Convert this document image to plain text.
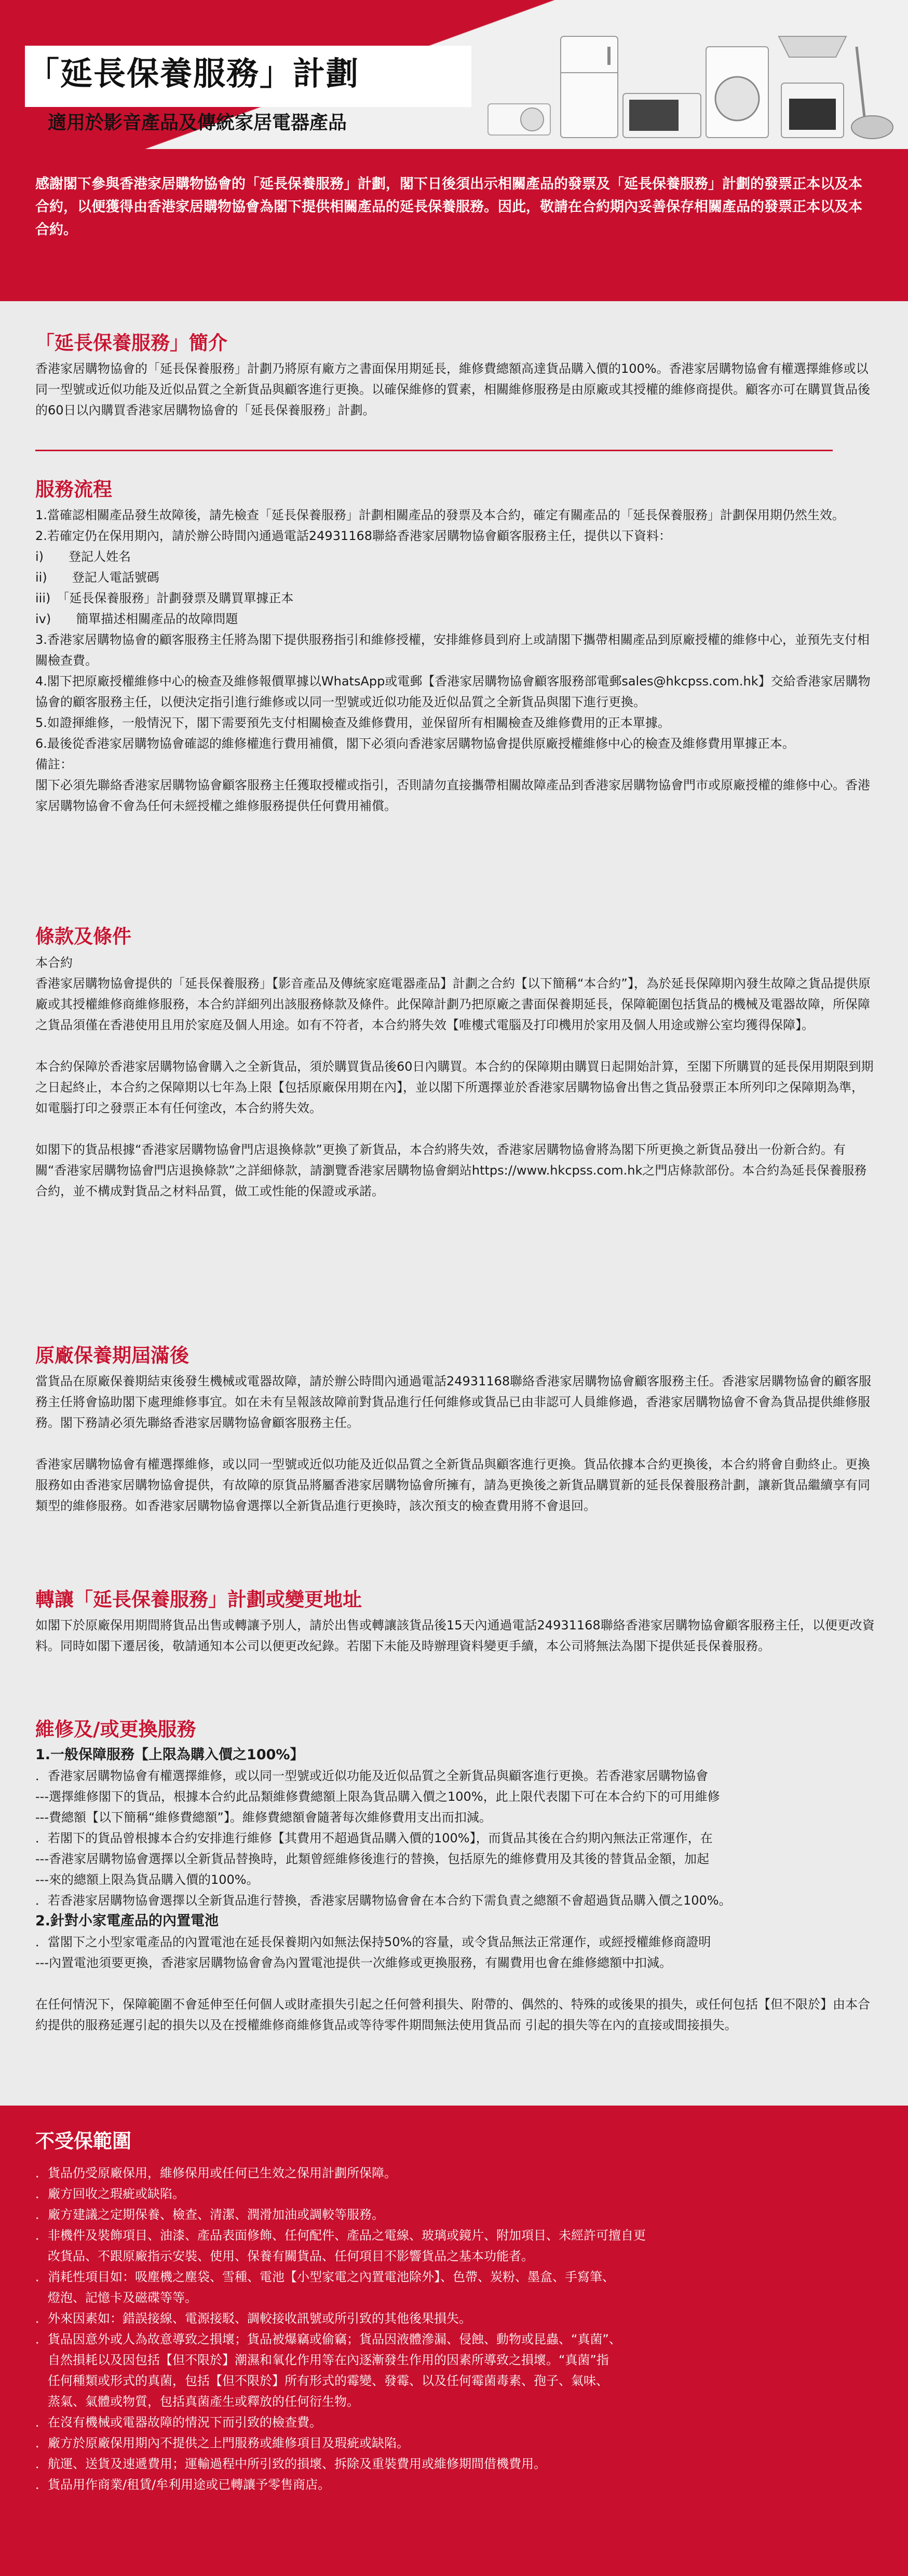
「延長保養服務」計劃
適用於影音產品及傳統家居電器產品

感謝閣下參與香港家居購物協會的「延長保養服務」計劃，閣下日後須出示相關產品的發票及「延長保養服務」計劃的發票正本以及本合約，以便獲得由香港家居購物協會為閣下提供相關產品的延長保養服務。因此，敬請在合約期內妥善保存相關產品的發票正本以及本合約。

「延長保養服務」簡介
香港家居購物協會的「延長保養服務」計劃乃將原有廠方之書面保用期延長，維修費總額高達貨品購入價的100%。香港家居購物協會有權選擇維修或以同一型號或近似功能及近似品質之全新貨品與顧客進行更換。以確保維修的質素，相關維修服務是由原廠或其授權的維修商提供。顧客亦可在購買貨品後的60日以內購買香港家居購物協會的「延長保養服務」計劃。
服務流程

1.當確認相關產品發生故障後，請先檢查「延長保養服務」計劃相關產品的發票及本合約，確定有關產品的「延長保養服務」計劃保用期仍然生效。

2.若確定仍在保用期內，請於辦公時間內通過電話24931168聯絡香港家居購物協會顧客服務主任，提供以下資料：

i)　　登記人姓名

ii)　　登記人電話號碼

iii)　「延長保養服務」計劃發票及購買單據正本

iv)　　簡單描述相關產品的故障問題

3.香港家居購物協會的顧客服務主任將為閣下提供服務指引和維修授權，安排維修員到府上或請閣下攜帶相關產品到原廠授權的維修中心，並預先支付相關檢查費。

4.閣下把原廠授權維修中心的檢查及維修報價單據以WhatsApp或電郵【香港家居購物協會顧客服務部電郵sales@hkcpss.com.hk】交給香港家居購物協會的顧客服務主任，以便決定指引進行維修或以同一型號或近似功能及近似品質之全新貨品與閣下進行更換。

5.如證揮維修，一般情況下，閣下需要預先支付相關檢查及維修費用，並保留所有相關檢查及維修費用的正本單據。

6.最後從香港家居購物協會確認的維修權進行費用補償，閣下必須向香港家居購物協會提供原廠授權維修中心的檢查及維修費用單據正本。

備註：

閣下必須先聯絡香港家居購物協會顧客服務主任獲取授權或指引，否則請勿直接攜帶相關故障產品到香港家居購物協會門市或原廠授權的維修中心。香港家居購物協會不會為任何未經授權之維修服務提供任何費用補償。

條款及條件

本合約

香港家居購物協會提供的「延長保養服務」【影音產品及傳統家庭電器產品】計劃之合約【以下簡稱“本合約”】，為於延長保障期內發生故障之貨品提供原廠或其授權維修商維修服務，本合約詳細列出該服務條款及條件。此保障計劃乃把原廠之書面保養期延長，保障範圍包括貨品的機械及電器故障，所保障之貨品須僅在香港使用且用於家庭及個人用途。如有不符者，本合約將失效【唯樓式電腦及打印機用於家用及個人用途或辦公室均獲得保障】。

本合約保障於香港家居購物協會購入之全新貨品，須於購買貨品後60日內購買。本合約的保障期由購買日起開始計算，至閣下所購買的延長保用期限到期之日起終止，本合約之保障期以七年為上限【包括原廠保用期在內】，並以閣下所選擇並於香港家居購物協會出售之貨品發票正本所列印之保障期為準，如電腦打印之發票正本有任何塗改，本合約將失效。

如閣下的貨品根據“香港家居購物協會門店退換條款”更換了新貨品，本合約將失效，香港家居購物協會將為閣下所更換之新貨品發出一份新合約。有關“香港家居購物協會門店退換條款”之詳細條款，請瀏覽香港家居購物協會網站https://www.hkcpss.com.hk之門店條款部份。本合約為延長保養服務合約，並不構成對貨品之材料品質，做工或性能的保證或承諾。

原廠保養期屆滿後

當貨品在原廠保養期結束後發生機械或電器故障，請於辦公時間內通過電話24931168聯絡香港家居購物協會顧客服務主任。香港家居購物協會的顧客服務主任將會協助閣下處理維修事宜。如在未有呈報該故障前對貨品進行任何維修或貨品已由非認可人員維修過，香港家居購物協會不會為貨品提供維修服務。閣下務請必須先聯絡香港家居購物協會顧客服務主任。

香港家居購物協會有權選擇維修，或以同一型號或近似功能及近似品質之全新貨品與顧客進行更換。貨品依據本合約更換後，本合約將會自動終止。更換服務如由香港家居購物協會提供，有故障的原貨品將屬香港家居購物協會所擁有，請為更換後之新貨品購買新的延長保養服務計劃，讓新貨品繼續享有同類型的維修服務。如香港家居購物協會選擇以全新貨品進行更換時，該次預支的檢查費用將不會退回。

轉讓「延長保養服務」計劃或變更地址
如閣下於原廠保用期間將貨品出售或轉讓予別人，請於出售或轉讓該貨品後15天內通過電話24931168聯絡香港家居購物協會顧客服務主任，以便更改資料。同時如閣下遷居後，敬請通知本公司以便更改紀錄。若閣下未能及時辦理資料變更手續，本公司將無法為閣下提供延長保養服務。
維修及/或更換服務

1.一般保障服務【上限為購入價之100%】

．香港家居購物協會有權選擇維修，或以同一型號或近似功能及近似品質之全新貨品與顧客進行更換。若香港家居購物協會

---選擇維修閣下的貨品，根據本合約此品類維修費總額上限為貨品購入價之100%，此上限代表閣下可在本合約下的可用維修

---費總額【以下簡稱“維修費總額”】。維修費總額會隨著每次維修費用支出而扣減。

．若閣下的貨品曾根據本合約安排進行維修【其費用不超過貨品購入價的100%】，而貨品其後在合約期內無法正常運作，在

---香港家居購物協會選擇以全新貨品替換時，此類曾經維修後進行的替換，包括原先的維修費用及其後的替貨品金額，加起

---來的總額上限為貨品購入價的100%。

．若香港家居購物協會選擇以全新貨品進行替換，香港家居購物協會會在本合約下需負責之總額不會超過貨品購入價之100%。

2.針對小家電產品的內置電池

．當閣下之小型家電產品的內置電池在延長保養期內如無法保持50%的容量，或令貨品無法正常運作，或經授權維修商證明

---內置電池須要更換，香港家居購物協會會為內置電池提供一次維修或更換服務，有關費用也會在維修總額中扣減。

在任何情況下，保障範圍不會延伸至任何個人或財產損失引起之任何營利損失、附帶的、偶然的、特殊的或後果的損失，或任何包括【但不限於】由本合約提供的服務延遲引起的損失以及在授權維修商維修貨品或等待零件期間無法使用貨品而 引起的損失等在內的直接或間接損失。

不受保範圍
．貨品仍受原廠保用，維修保用或任何已生效之保用計劃所保障。
．廠方回收之瑕疵或缺陷。
．廠方建議之定期保養、檢查、清潔、潤滑加油或調較等服務。
．非機件及裝飾項目、油漆、產品表面修飾、任何配件、產品之電線、玻璃或鏡片、附加項目、未經許可擅自更
　改貨品、不跟原廠指示安裝、使用、保養有關貨品、任何項目不影響貨品之基本功能者。
．消耗性項目如：吸塵機之塵袋、雪種、電池【小型家電之內置電池除外】、色帶、炭粉、墨盒、手寫筆、
　燈泡、記憶卡及磁碟等等。
．外來因素如：錯誤接線、電源接駁、調較接收訊號或所引致的其他後果損失。
．貨品因意外或人為故意導致之損壞；貨品被爆竊或偷竊；貨品因液體滲漏、侵蝕、動物或昆蟲、“真菌”、
　自然損耗以及因包括【但不限於】潮濕和氧化作用等在內逐漸發生作用的因素所導致之損壞。“真菌”指
　任何種類或形式的真菌，包括【但不限於】所有形式的霉變、發霉、以及任何霉菌毒素、孢子、氣味、
　蒸氣、氣體或物質，包括真菌產生或釋放的任何衍生物。
．在沒有機械或電器故障的情況下而引致的檢查費。
．廠方於原廠保用期內不提供之上門服務或維修項目及瑕疵或缺陷。
．航運、送貨及速遞費用；運輸過程中所引致的損壞、拆除及重裝費用或維修期間借機費用。
．貨品用作商業/租賃/牟利用途或已轉讓予零售商店。
